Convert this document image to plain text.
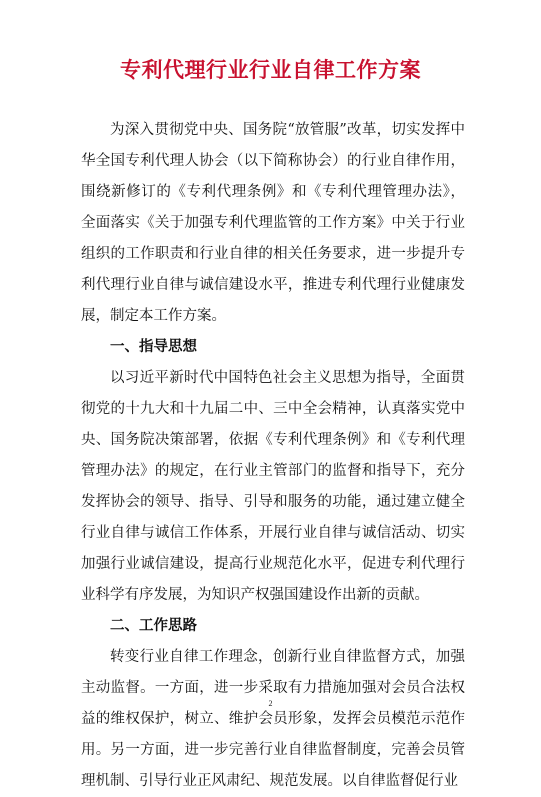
专利代理行业行业自律工作方案

为深入贯彻党中央、国务院“放管服”改革，切实发挥中华全国专利代理人协会（以下简称协会）的行业自律作用，围绕新修订的《专利代理条例》和《专利代理管理办法》，全面落实《关于加强专利代理监管的工作方案》中关于行业组织的工作职责和行业自律的相关任务要求，进一步提升专利代理行业自律与诚信建设水平，推进专利代理行业健康发展，制定本工作方案。

一、指导思想

以习近平新时代中国特色社会主义思想为指导，全面贯彻党的十九大和十九届二中、三中全会精神，认真落实党中央、国务院决策部署，依据《专利代理条例》和《专利代理管理办法》的规定，在行业主管部门的监督和指导下，充分发挥协会的领导、指导、引导和服务的功能，通过建立健全行业自律与诚信工作体系，开展行业自律与诚信活动、切实加强行业诚信建设，提高行业规范化水平，促进专利代理行业科学有序发展，为知识产权强国建设作出新的贡献。

二、工作思路

转变行业自律工作理念，创新行业自律监督方式，加强主动监督。一方面，进一步采取有力措施加强对会员合法权益的维权保护，树立、维护会员形象，发挥会员模范示范作用。另一方面，进一步完善行业自律监督制度，完善会员管理机制、引导行业正风肃纪、规范发展。以自律监督促行业

2
